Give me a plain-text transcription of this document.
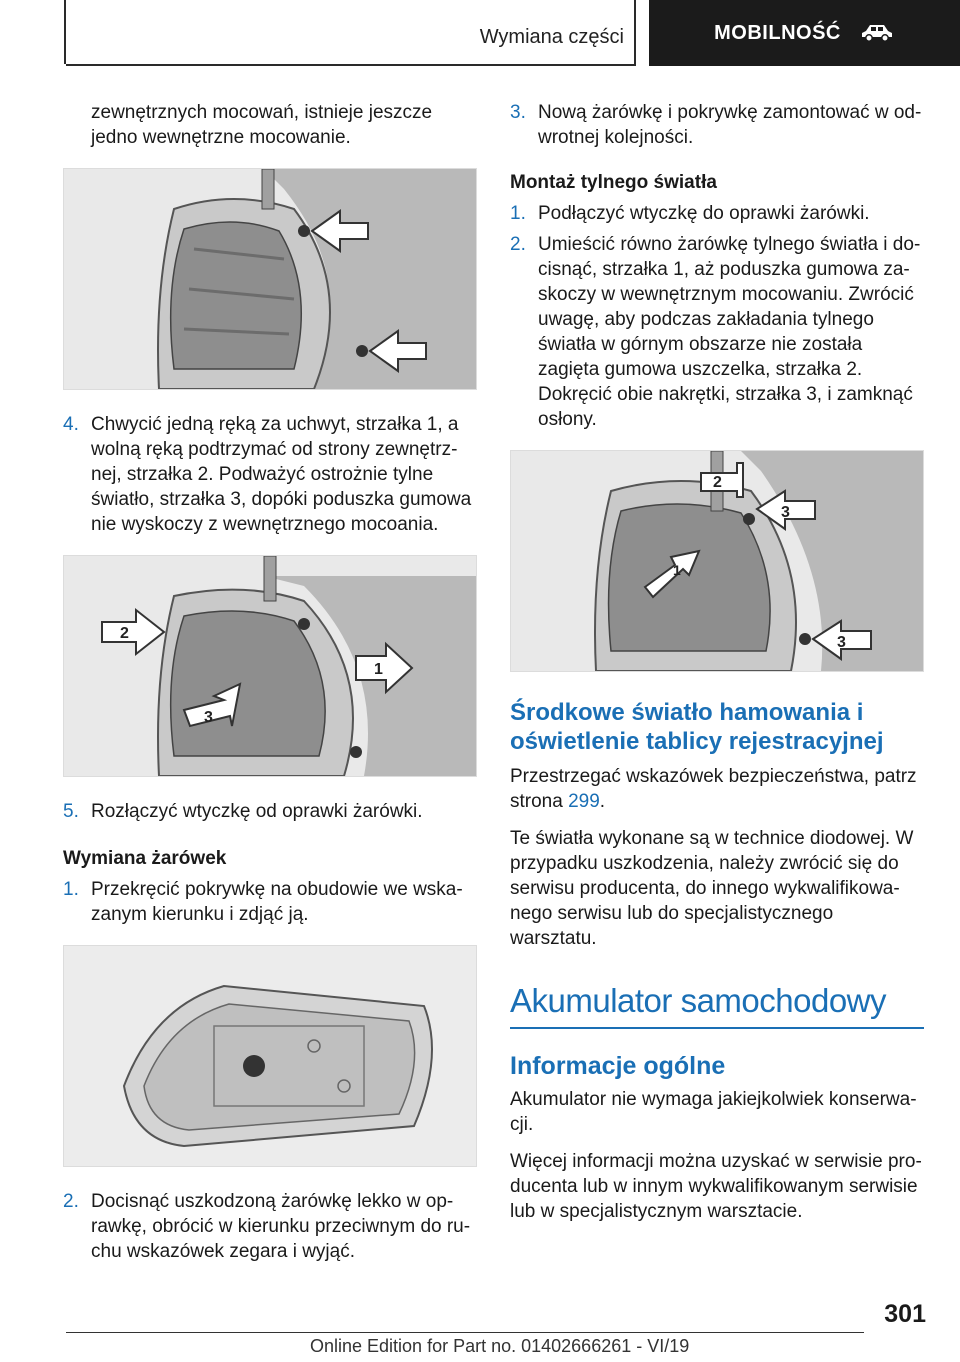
Wymiana części	MOBILNOŚĆ

zewnętrznych mocowań, istnieje jeszcze jedno wewnętrzne mocowanie.

4. Chwycić jedną ręką za uchwyt, strzałka 1, a wolną ręką podtrzymać od strony zewnętrznej, strzałka 2. Podważyć ostrożnie tylne światło, strzałka 3, dopóki poduszka gumowa nie wyskoczy z wewnętrznego mocoania.
2
1
3
5. Rozłączyć wtyczkę od oprawki żarówki.
Wymiana żarówek
1. Przekręcić pokrywkę na obudowie we wskazanym kierunku i zdjąć ją.
2. Docisnąć uszkodzoną żarówkę lekko w oprawkę, obrócić w kierunku przeciwnym do ruchu wskazówek zegara i wyjąć.
3. Nową żarówkę i pokrywkę zamontować w odwrotnej kolejności.
Montaż tylnego światła
1. Podłączyć wtyczkę do oprawki żarówki.
2. Umieścić równo żarówkę tylnego światła i docisnąć, strzałka 1, aż poduszka gumowa zaskoczy w wewnętrznym mocowaniu. Zwrócić uwagę, aby podczas zakładania tylnego światła w górnym obszarze nie została zagięta gumowa uszczelka, strzałka 2. Dokręcić obie nakrętki, strzałka 3, i zamknąć osłony.
2
3
1
3
Środkowe światło hamowania i oświetlenie tablicy rejestracyjnej

Przestrzegać wskazówek bezpieczeństwa, patrz strona 299.

Te światła wykonane są w technice diodowej. W przypadku uszkodzenia, należy zwrócić się do serwisu producenta, do innego wykwalifikowanego serwisu lub do specjalistycznego warsztatu.

Akumulator samochodowy
Informacje ogólne

Akumulator nie wymaga jakiejkolwiek konserwacji.

Więcej informacji można uzyskać w serwisie producenta lub w innym wykwalifikowanym serwisie lub w specjalistycznym warsztacie.

301
Online Edition for Part no. 01402666261 - VI/19
